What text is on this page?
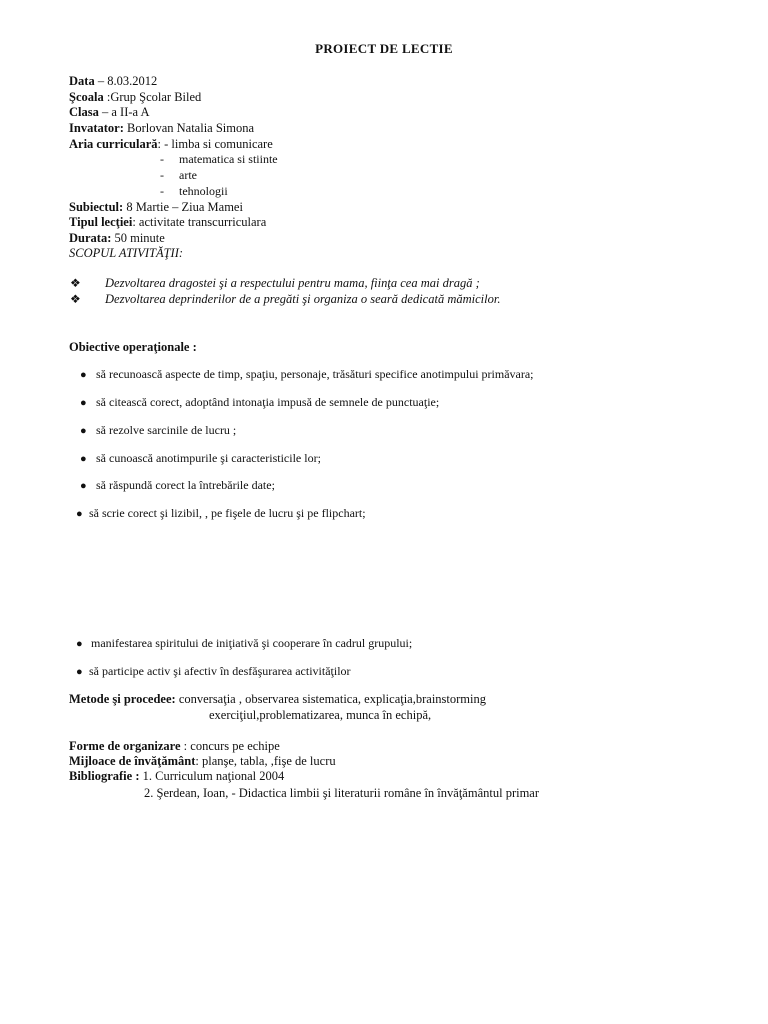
PROIECT DE LECTIE
Data – 8.03.2012
Şcoala :Grup Şcolar Biled
Clasa – a II-a A
Invatator: Borlovan Natalia Simona
Aria curriculară: - limba si comunicare
-     matematica si stiinte
-     arte
-     tehnologii
Subiectul: 8 Martie – Ziua Mamei
Tipul lecţiei: activitate transcurriculara
Durata: 50 minute
SCOPUL ATIVITĂŢII:
❖ Dezvoltarea dragostei şi a respectului pentru mama, fiinţa cea mai dragă ;
❖ Dezvoltarea deprinderilor de a pregăti şi organiza o seară dedicată mămicilor.
Obiective operaţionale :
● să recunoască aspecte de timp, spaţiu, personaje, trăsături specifice anotimpului primăvara;
● să citească corect, adoptând intonaţia impusă de semnele de punctuaţie;
● să rezolve sarcinile de lucru ;
● să cunoască anotimpurile şi caracteristicile lor;
● să răspundă corect la întrebările date;
● să scrie corect şi lizibil, , pe fişele de lucru şi pe flipchart;
● manifestarea spiritului de iniţiativă şi cooperare în cadrul grupului;
● să participe activ şi afectiv în desfăşurarea activităţilor
Metode şi procedee: conversaţia , observarea sistematica, explicaţia,brainstorming
exerciţiul,problematizarea, munca în echipă,
Forme de organizare : concurs pe echipe
Mijloace de învăţământ: planşe, tabla, ,fişe de lucru
Bibliografie : 1. Curriculum naţional 2004
2. Şerdean, Ioan, - Didactica limbii şi literaturii române în învăţământul primar
